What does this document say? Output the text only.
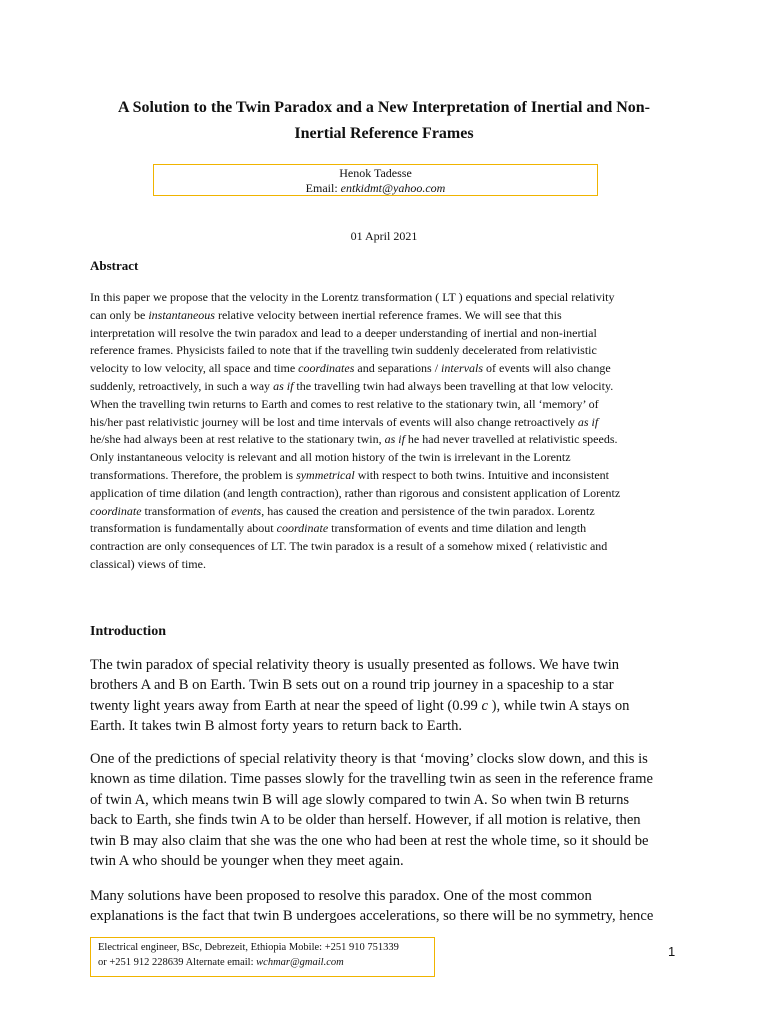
A Solution to the Twin Paradox and a New Interpretation of Inertial and Non-
Inertial Reference Frames
Henok Tadesse
Email: entkidmt@yahoo.com
01 April 2021
Abstract
In this paper we propose that the velocity in the Lorentz transformation ( LT ) equations and special relativity
can only be instantaneous relative velocity between inertial reference frames. We will see that this
interpretation will resolve the twin paradox and lead to a deeper understanding of inertial and non-inertial
reference frames. Physicists failed to note that if the travelling twin suddenly decelerated from relativistic
velocity to low velocity, all space and time coordinates and separations / intervals of events will also change
suddenly, retroactively, in such a way as if the travelling twin had always been travelling at that low velocity.
When the travelling twin returns to Earth and comes to rest relative to the stationary twin, all ‘memory’ of
his/her past relativistic journey will be lost and time intervals of events will also change retroactively as if
he/she had always been at rest relative to the stationary twin, as if he had never travelled at relativistic speeds.
Only instantaneous velocity is relevant and all motion history of the twin is irrelevant in the Lorentz
transformations. Therefore, the problem is symmetrical with respect to both twins. Intuitive and inconsistent
application of time dilation (and length contraction), rather than rigorous and consistent application of Lorentz
coordinate transformation of events, has caused the creation and persistence of the twin paradox. Lorentz
transformation is fundamentally about coordinate transformation of events and time dilation and length
contraction are only consequences of LT. The twin paradox is a result of a somehow mixed ( relativistic and
classical) views of time.
Introduction
The twin paradox of special relativity theory is usually presented as follows. We have twin
brothers A and B on Earth. Twin B sets out on a round trip journey in a spaceship to a star
twenty light years away from Earth at near the speed of light (0.99 c ), while twin A stays on
Earth. It takes twin B almost forty years to return back to Earth.
One of the predictions of special relativity theory is that ‘moving’ clocks slow down, and this is
known as time dilation. Time passes slowly for the travelling twin as seen in the reference frame
of twin A, which means twin B will age slowly compared to twin A. So when twin B returns
back to Earth, she finds twin A to be older than herself. However, if all motion is relative, then
twin B may also claim that she was the one who had been at rest the whole time, so it should be
twin A who should be younger when they meet again.
Many solutions have been proposed to resolve this paradox. One of the most common
explanations is the fact that twin B undergoes accelerations, so there will be no symmetry, hence
Electrical engineer, BSc, Debrezeit, Ethiopia Mobile: +251 910 751339
or +251 912 228639 Alternate email: wchmar@gmail.com
1
